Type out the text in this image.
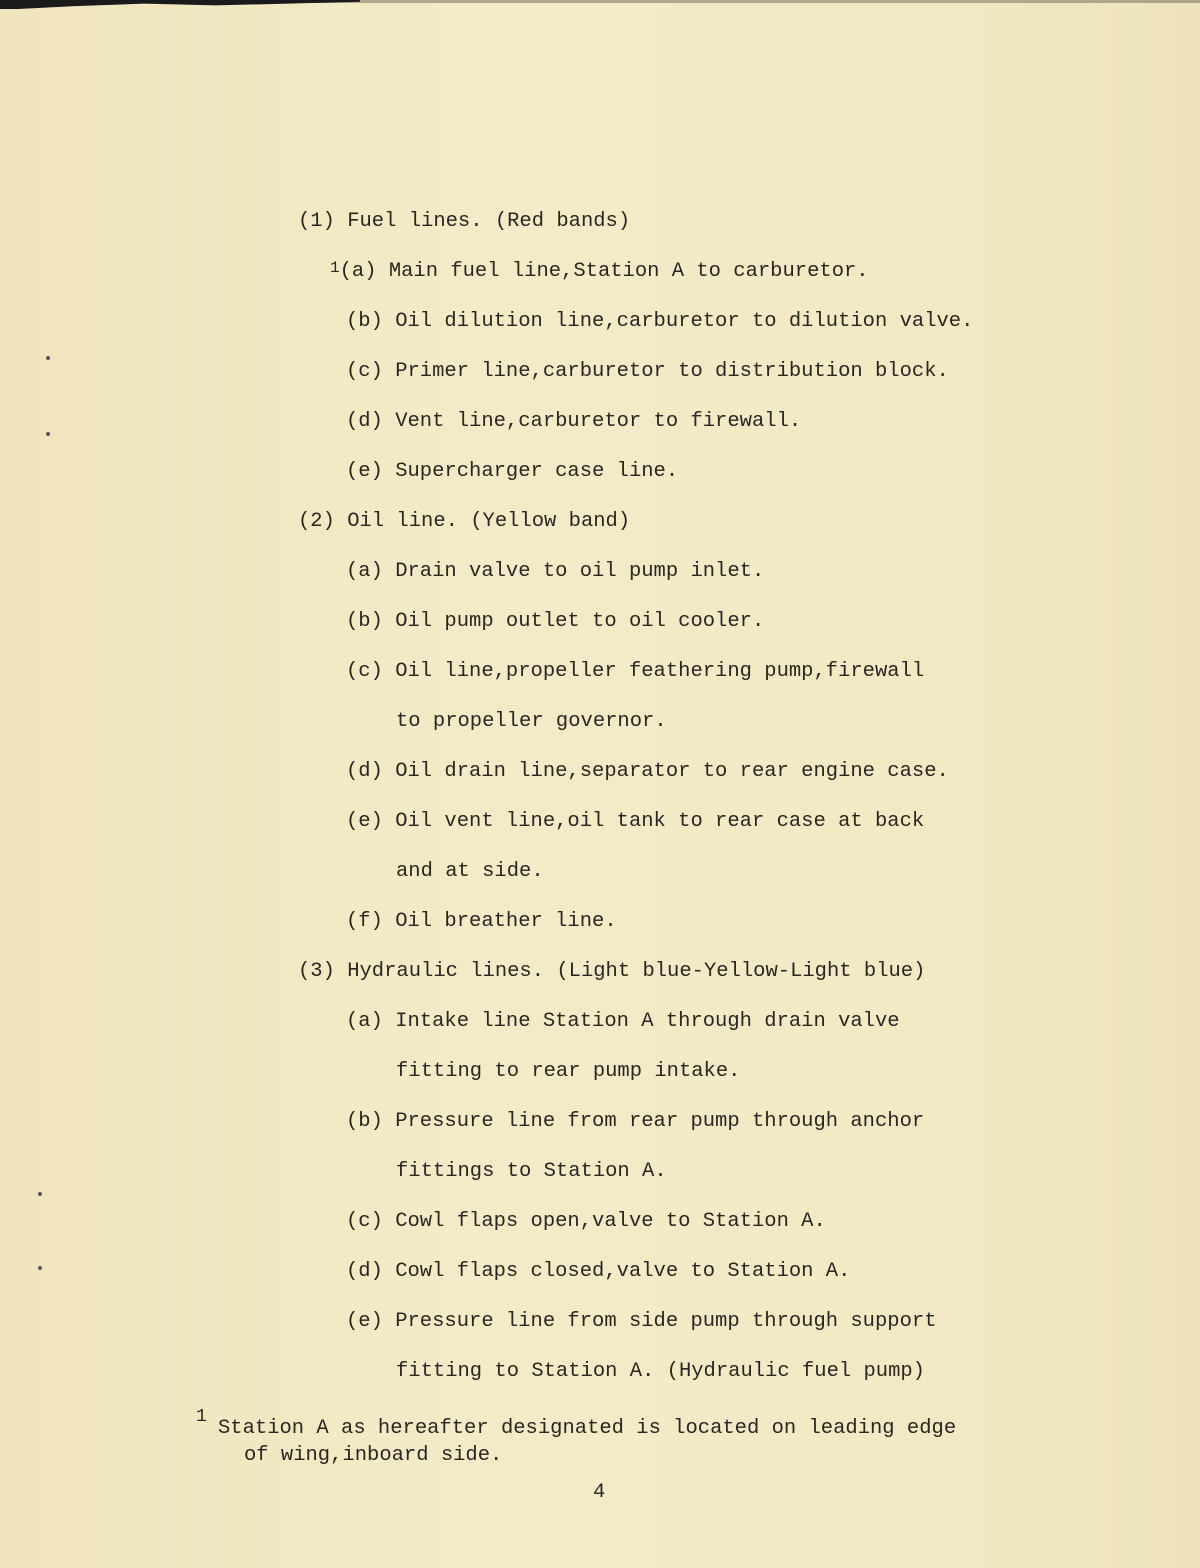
(1) Fuel lines. (Red bands)
$^1$(a) Main fuel line,Station A to carburetor.
(b) Oil dilution line,carburetor to dilution valve.
(c) Primer line,carburetor to distribution block.
(d) Vent line,carburetor to firewall.
(e) Supercharger case line.
(2) Oil line. (Yellow band)
(a) Drain valve to oil pump inlet.
(b) Oil pump outlet to oil cooler.
(c) Oil line,propeller feathering pump,firewall
to propeller governor.
(d) Oil drain line,separator to rear engine case.
(e) Oil vent line,oil tank to rear case at back
and at side.
(f) Oil breather line.
(3) Hydraulic lines. (Light blue-Yellow-Light blue)
(a) Intake line Station A through drain valve
fitting to rear pump intake.
(b) Pressure line from rear pump through anchor
fittings to Station A.
(c) Cowl flaps open,valve to Station A.
(d) Cowl flaps closed,valve to Station A.
(e) Pressure line from side pump through support
fitting to Station A. (Hydraulic fuel pump)
1 Station A as hereafter designated is located on leading edge
of wing,inboard side.
4
